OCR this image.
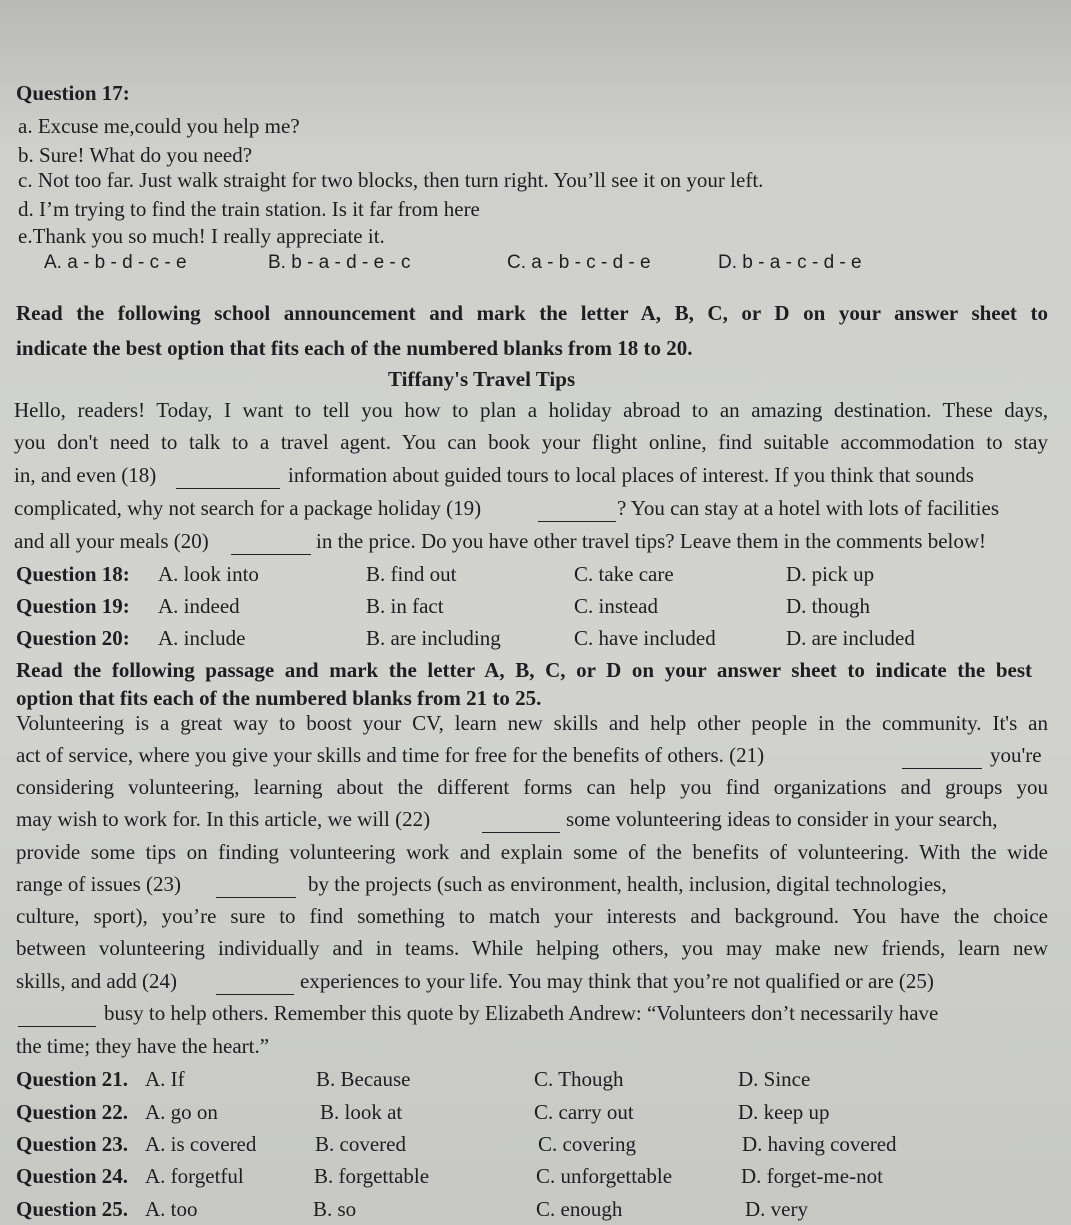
Question 17:
a. Excuse me,could you help me?
b. Sure! What do you need?
c. Not too far. Just walk straight for two blocks, then turn right. You’ll see it on your left.
d. I’m trying to find the train station. Is it far from here
e.Thank you so much! I really appreciate it.
A. a - b - d - c - e	B. b - a - d - e - c	C. a - b - c - d - e	D. b - a - c - d - e
Read the following school announcement and mark the letter A, B, C, or D on your answer sheet to
indicate the best option that fits each of the numbered blanks from 18 to 20.
Tiffany's Travel Tips
Hello, readers! Today, I want to tell you how to plan a holiday abroad to an amazing destination. These days,
you don't need to talk to a travel agent. You can book your flight online, find suitable accommodation to stay
in, and even (18)	information about guided tours to local places of interest. If you think that sounds
complicated, why not search for a package holiday (19)	? You can stay at a hotel with lots of facilities
and all your meals (20)	in the price. Do you have other travel tips? Leave them in the comments below!
Question 18: A. look into	B. find out	C. take care	D. pick up
Question 19: A. indeed	B. in fact	C. instead	D. though
Question 20: A. include	B. are including	C. have included	D. are included
Read the following passage and mark the letter A, B, C, or D on your answer sheet to indicate the best
option that fits each of the numbered blanks from 21 to 25.
Volunteering is a great way to boost your CV, learn new skills and help other people in the community. It's an
act of service, where you give your skills and time for free for the benefits of others. (21)	you're
considering volunteering, learning about the different forms can help you find organizations and groups you
may wish to work for. In this article, we will (22)	some volunteering ideas to consider in your search,
provide some tips on finding volunteering work and explain some of the benefits of volunteering. With the wide
range of issues (23)	by the projects (such as environment, health, inclusion, digital technologies,
culture, sport), you’re sure to find something to match your interests and background. You have the choice
between volunteering individually and in teams. While helping others, you may make new friends, learn new
skills, and add (24)	experiences to your life. You may think that you’re not qualified or are (25)
busy to help others. Remember this quote by Elizabeth Andrew: “Volunteers don’t necessarily have
the time; they have the heart.”
Question 21. A. If	B. Because	C. Though	D. Since
Question 22. A. go on	B. look at	C. carry out	D. keep up
Question 23. A. is covered	B. covered	C. covering	D. having covered
Question 24. A. forgetful	B. forgettable	C. unforgettable	D. forget-me-not
Question 25. A. too	B. so	C. enough	D. very
